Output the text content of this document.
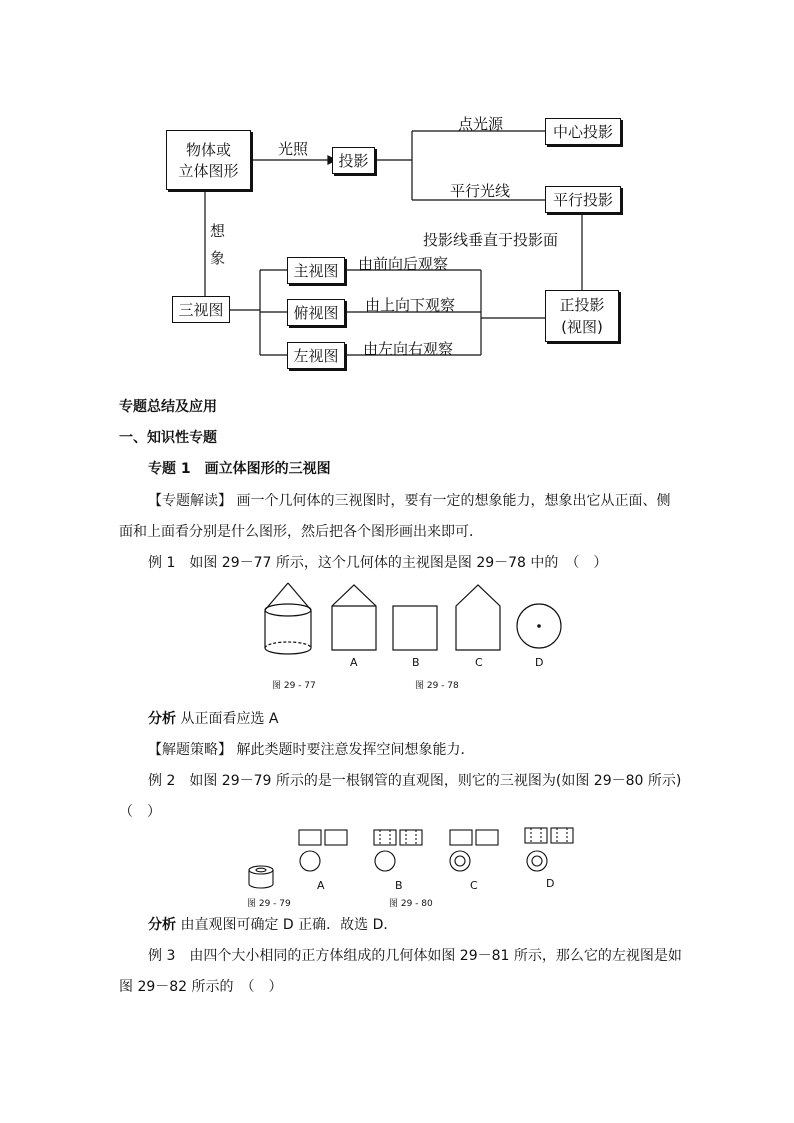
物体或
立体图形
光照
投影
点光源	中心投影
平行光线	平行投影
想
象
投影线垂直于投影面
三视图
主视图	由前向后观察
俯视图	由上向下观察
左视图	由左向右观察
正投影
(视图)
专题总结及应用
一、知识性专题
专题 1　画立体图形的三视图
【专题解读】 画一个几何体的三视图时，要有一定的想象能力，想象出它从正面、侧
面和上面看分别是什么图形，然后把各个图形画出来即可．
例 1　如图 29－77 所示，这个几何体的主视图是图 29－78 中的　（　）
A	B	C	D
图 29 - 77	图 29 - 78
分析 从正面看应选 A
【解题策略】 解此类题时要注意发挥空间想象能力．
例 2　如图 29－79 所示的是一根钢管的直观图，则它的三视图为(如图 29－80 所示)
（　）
A	B	C	D
图 29 - 79	图 29 - 80
分析 由直观图可确定 D 正确．故选 D．
例 3　由四个大小相同的正方体组成的几何体如图 29－81 所示，那么它的左视图是如
图 29－82 所示的　（　）
